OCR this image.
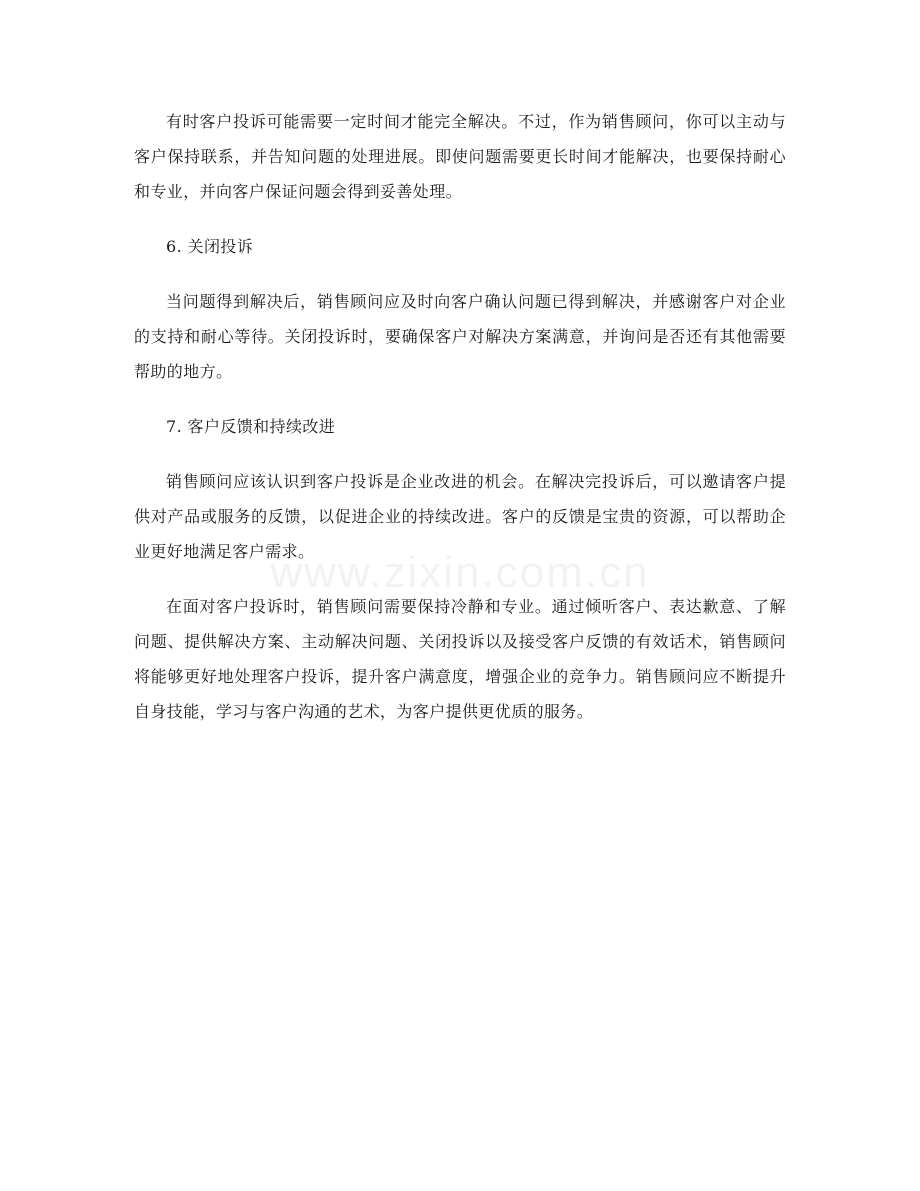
www.zixin.com.cn

有时客户投诉可能需要一定时间才能完全解决。不过，作为销售顾问，你可以主动与客户保持联系，并告知问题的处理进展。即使问题需要更长时间才能解决，也要保持耐心和专业，并向客户保证问题会得到妥善处理。

6. 关闭投诉

当问题得到解决后，销售顾问应及时向客户确认问题已得到解决，并感谢客户对企业的支持和耐心等待。关闭投诉时，要确保客户对解决方案满意，并询问是否还有其他需要帮助的地方。

7. 客户反馈和持续改进

销售顾问应该认识到客户投诉是企业改进的机会。在解决完投诉后，可以邀请客户提供对产品或服务的反馈，以促进企业的持续改进。客户的反馈是宝贵的资源，可以帮助企业更好地满足客户需求。

在面对客户投诉时，销售顾问需要保持冷静和专业。通过倾听客户、表达歉意、了解问题、提供解决方案、主动解决问题、关闭投诉以及接受客户反馈的有效话术，销售顾问将能够更好地处理客户投诉，提升客户满意度，增强企业的竞争力。销售顾问应不断提升自身技能，学习与客户沟通的艺术，为客户提供更优质的服务。
